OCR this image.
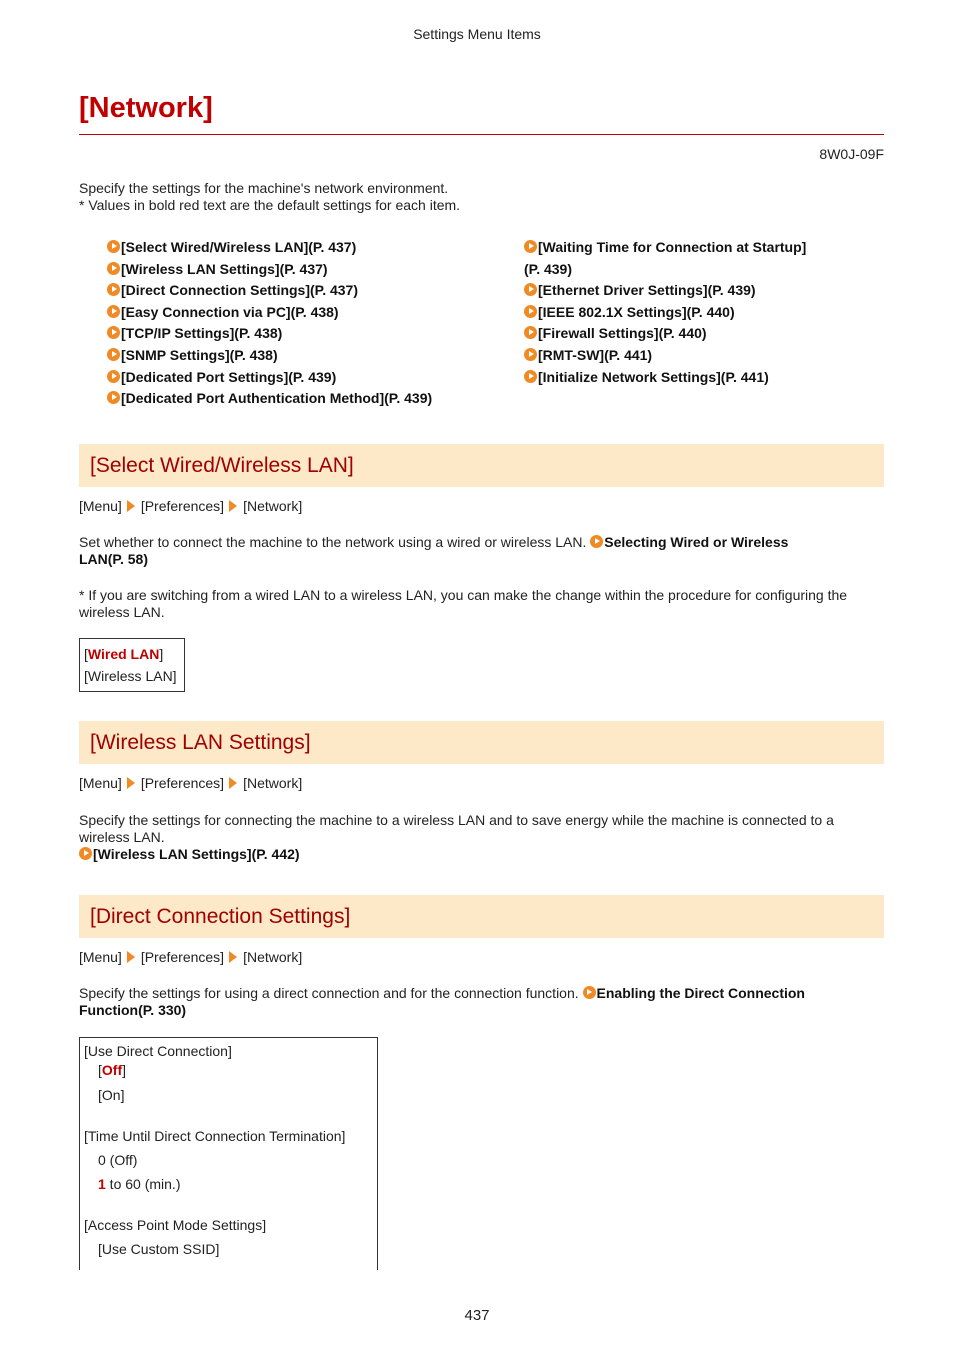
Settings Menu Items
[Network]
8W0J-09F
Specify the settings for the machine's network environment.
* Values in bold red text are the default settings for each item.
[Select Wired/Wireless LAN](P. 437)
[Wireless LAN Settings](P. 437)
[Direct Connection Settings](P. 437)
[Easy Connection via PC](P. 438)
[TCP/IP Settings](P. 438)
[SNMP Settings](P. 438)
[Dedicated Port Settings](P. 439)
[Dedicated Port Authentication Method](P. 439)
[Waiting Time for Connection at Startup]
(P. 439)
[Ethernet Driver Settings](P. 439)
[IEEE 802.1X Settings](P. 440)
[Firewall Settings](P. 440)
[RMT-SW](P. 441)
[Initialize Network Settings](P. 441)
[Select Wired/Wireless LAN]
[Menu] [Preferences] [Network]
Set whether to connect the machine to the network using a wired or wireless LAN. Selecting Wired or Wireless
LAN(P. 58)
* If you are switching from a wired LAN to a wireless LAN, you can make the change within the procedure for configuring the wireless LAN.
[Wired LAN]
[Wireless LAN]
[Wireless LAN Settings]
[Menu] [Preferences] [Network]
Specify the settings for connecting the machine to a wireless LAN and to save energy while the machine is connected to a wireless LAN.
[Wireless LAN Settings](P. 442)
[Direct Connection Settings]
[Menu] [Preferences] [Network]
Specify the settings for using a direct connection and for the connection function. Enabling the Direct Connection
Function(P. 330)
[Use Direct Connection]
[Off]
[On]
[Time Until Direct Connection Termination]
0 (Off)
1 to 60 (min.)
[Access Point Mode Settings]
[Use Custom SSID]
437
